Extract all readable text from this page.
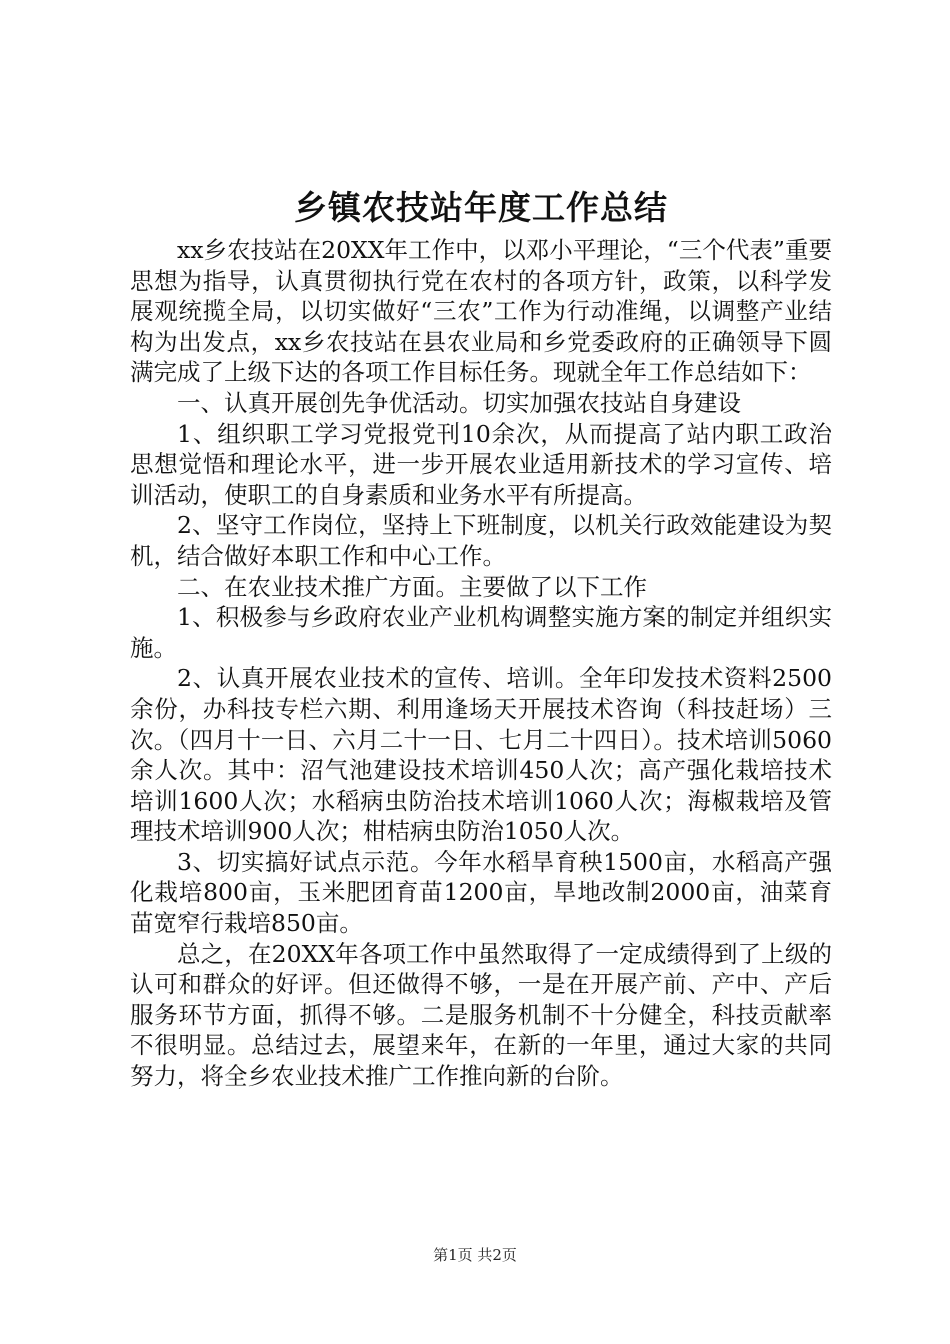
乡镇农技站年度工作总结

xx乡农技站在20XX年工作中，以邓小平理论，“三个代表”重要思想为指导，认真贯彻执行党在农村的各项方针，政策，以科学发展观统揽全局，以切实做好“三农”工作为行动准绳，以调整产业结构为出发点，xx乡农技站在县农业局和乡党委政府的正确领导下圆满完成了上级下达的各项工作目标任务。现就全年工作总结如下：

一、认真开展创先争优活动。切实加强农技站自身建设

1、组织职工学习党报党刊10余次，从而提高了站内职工政治思想觉悟和理论水平，进一步开展农业适用新技术的学习宣传、培训活动，使职工的自身素质和业务水平有所提高。

2、坚守工作岗位，坚持上下班制度，以机关行政效能建设为契机，结合做好本职工作和中心工作。

二、在农业技术推广方面。主要做了以下工作

1、积极参与乡政府农业产业机构调整实施方案的制定并组织实施。

2、认真开展农业技术的宣传、培训。全年印发技术资料2500余份，办科技专栏六期、利用逢场天开展技术咨询（科技赶场）三次。（四月十一日、六月二十一日、七月二十四日）。技术培训5060余人次。其中：沼气池建设技术培训450人次；高产强化栽培技术培训1600人次；水稻病虫防治技术培训1060人次；海椒栽培及管理技术培训900人次；柑桔病虫防治1050人次。

3、切实搞好试点示范。今年水稻旱育秧1500亩，水稻高产强化栽培800亩，玉米肥团育苗1200亩，旱地改制2000亩，油菜育苗宽窄行栽培850亩。

总之，在20XX年各项工作中虽然取得了一定成绩得到了上级的认可和群众的好评。但还做得不够，一是在开展产前、产中、产后服务环节方面，抓得不够。二是服务机制不十分健全，科技贡献率不很明显。总结过去，展望来年，在新的一年里，通过大家的共同努力，将全乡农业技术推广工作推向新的台阶。

第1页 共2页
